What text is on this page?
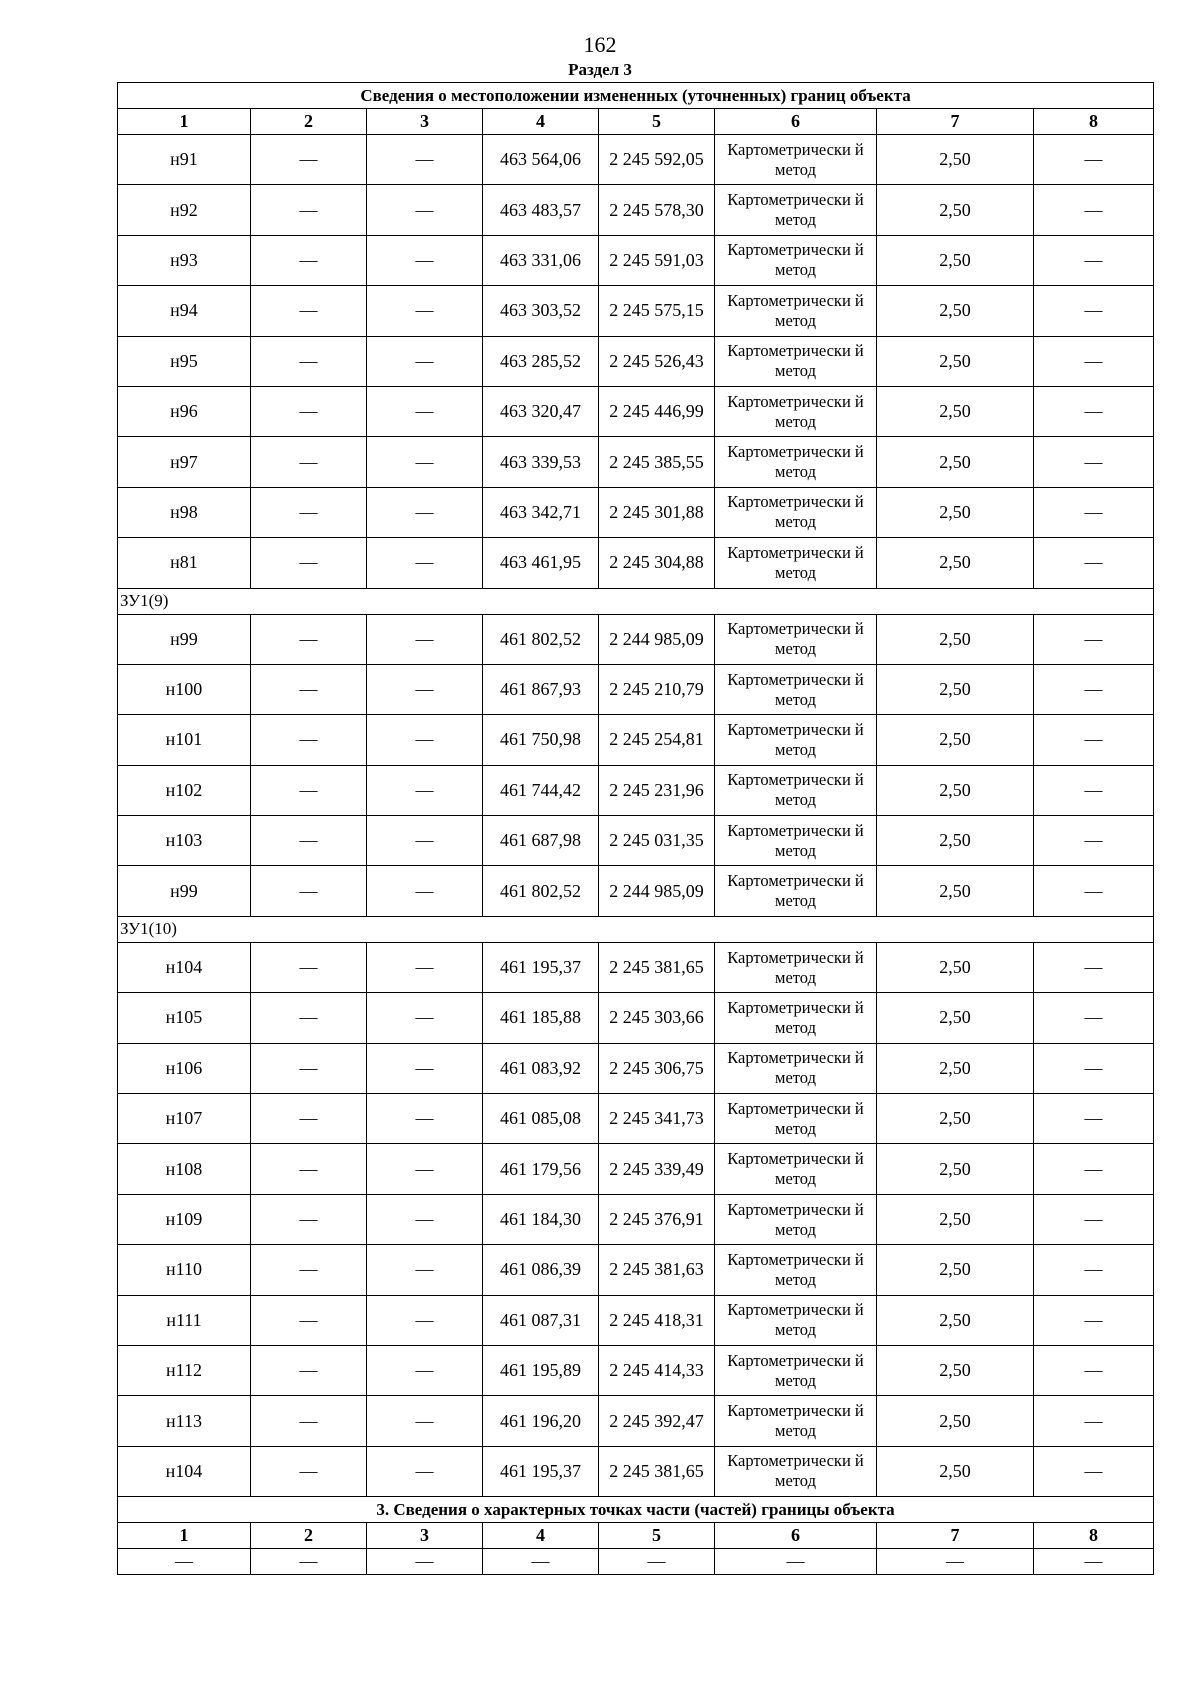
162
Раздел 3
Сведения о местоположении измененных (уточненных) границ объекта							
1	2	3	4	5	6	7	8
н91	—	—	463 564,06	2 245 592,05	Картометрически й метод	2,50	—
н92	—	—	463 483,57	2 245 578,30	Картометрически й метод	2,50	—
н93	—	—	463 331,06	2 245 591,03	Картометрически й метод	2,50	—
н94	—	—	463 303,52	2 245 575,15	Картометрически й метод	2,50	—
н95	—	—	463 285,52	2 245 526,43	Картометрически й метод	2,50	—
н96	—	—	463 320,47	2 245 446,99	Картометрически й метод	2,50	—
н97	—	—	463 339,53	2 245 385,55	Картометрически й метод	2,50	—
н98	—	—	463 342,71	2 245 301,88	Картометрически й метод	2,50	—
н81	—	—	463 461,95	2 245 304,88	Картометрически й метод	2,50	—
ЗУ1(9)							
н99	—	—	461 802,52	2 244 985,09	Картометрически й метод	2,50	—
н100	—	—	461 867,93	2 245 210,79	Картометрически й метод	2,50	—
н101	—	—	461 750,98	2 245 254,81	Картометрически й метод	2,50	—
н102	—	—	461 744,42	2 245 231,96	Картометрически й метод	2,50	—
н103	—	—	461 687,98	2 245 031,35	Картометрически й метод	2,50	—
н99	—	—	461 802,52	2 244 985,09	Картометрически й метод	2,50	—
ЗУ1(10)							
н104	—	—	461 195,37	2 245 381,65	Картометрически й метод	2,50	—
н105	—	—	461 185,88	2 245 303,66	Картометрически й метод	2,50	—
н106	—	—	461 083,92	2 245 306,75	Картометрически й метод	2,50	—
н107	—	—	461 085,08	2 245 341,73	Картометрически й метод	2,50	—
н108	—	—	461 179,56	2 245 339,49	Картометрически й метод	2,50	—
н109	—	—	461 184,30	2 245 376,91	Картометрически й метод	2,50	—
н110	—	—	461 086,39	2 245 381,63	Картометрически й метод	2,50	—
н111	—	—	461 087,31	2 245 418,31	Картометрически й метод	2,50	—
н112	—	—	461 195,89	2 245 414,33	Картометрически й метод	2,50	—
н113	—	—	461 196,20	2 245 392,47	Картометрически й метод	2,50	—
н104	—	—	461 195,37	2 245 381,65	Картометрически й метод	2,50	—
3. Сведения о характерных точках части (частей) границы объекта							
1	2	3	4	5	6	7	8
—	—	—	—	—	—	—	—
